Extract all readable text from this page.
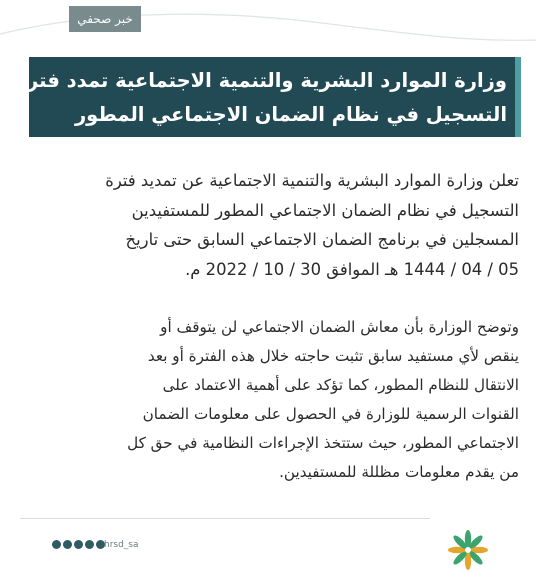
خبر صحفي

وزارة الموارد البشرية والتنمية الاجتماعية تمدد فترة

التسجيل في نظام الضمان الاجتماعي المطور

تعلن وزارة الموارد البشرية والتنمية الاجتماعية عن تمديد فترة
التسجيل في نظام الضمان الاجتماعي المطور للمستفيدين
المسجلين في برنامج الضمان الاجتماعي السابق حتى تاريخ
05 / 04 / 1444 هـ الموافق 30 / 10 / 2022 م.
وتوضح الوزارة بأن معاش الضمان الاجتماعي لن يتوقف أو
ينقص لأي مستفيد سابق تثبت حاجته خلال هذه الفترة أو بعد
الانتقال للنظام المطور، كما تؤكد على أهمية الاعتماد على
القنوات الرسمية للوزارة في الحصول على معلومات الضمان
الاجتماعي المطور، حيث ستتخذ الإجراءات النظامية في حق كل
من يقدم معلومات مظللة للمستفيدين.
hrsd_sa
